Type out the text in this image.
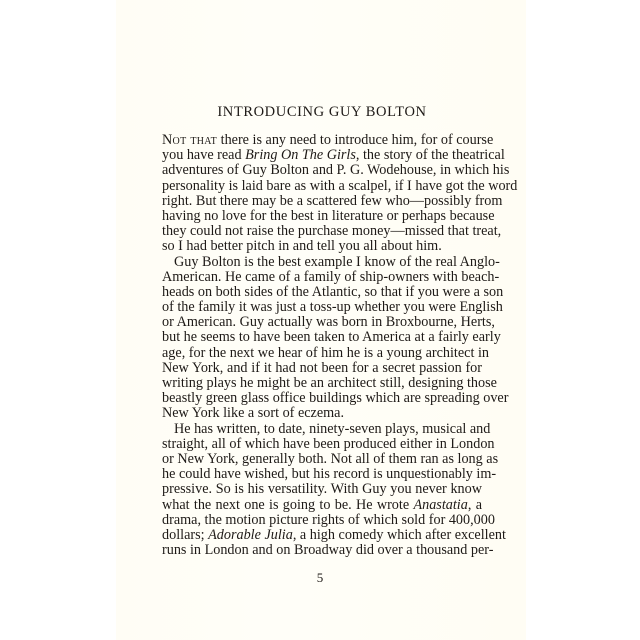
INTRODUCING GUY BOLTON
Not that there is any need to introduce him, for of course
you have read Bring On The Girls, the story of the theatrical
adventures of Guy Bolton and P. G. Wodehouse, in which his
personality is laid bare as with a scalpel, if I have got the word
right. But there may be a scattered few who—possibly from
having no love for the best in literature or perhaps because
they could not raise the purchase money—missed that treat,
so I had better pitch in and tell you all about him.
Guy Bolton is the best example I know of the real Anglo-
American. He came of a family of ship-owners with beach-
heads on both sides of the Atlantic, so that if you were a son
of the family it was just a toss-up whether you were English
or American. Guy actually was born in Broxbourne, Herts,
but he seems to have been taken to America at a fairly early
age, for the next we hear of him he is a young architect in
New York, and if it had not been for a secret passion for
writing plays he might be an architect still, designing those
beastly green glass office buildings which are spreading over
New York like a sort of eczema.
He has written, to date, ninety-seven plays, musical and
straight, all of which have been produced either in London
or New York, generally both. Not all of them ran as long as
he could have wished, but his record is unquestionably im-
pressive. So is his versatility. With Guy you never know
what the next one is going to be. He wrote Anastatia, a
drama, the motion picture rights of which sold for 400,000
dollars; Adorable Julia, a high comedy which after excellent
runs in London and on Broadway did over a thousand per-
5
